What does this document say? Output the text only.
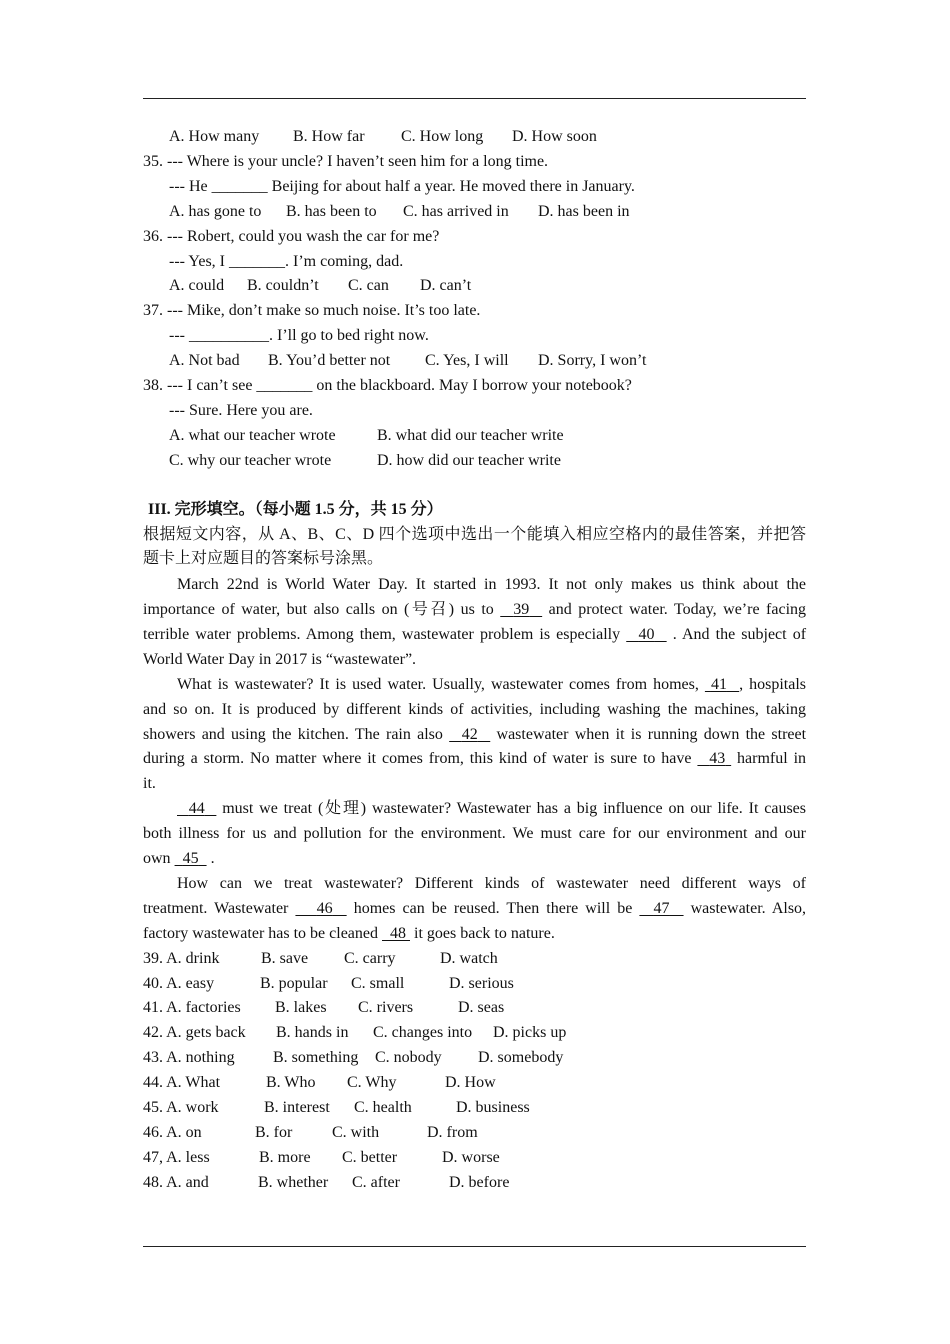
A. How many B. How far C. How long D. How soon
35. --- Where is your uncle? I haven’t seen him for a long time.
--- He _______ Beijing for about half a year. He moved there in January.
A. has gone to B. has been to C. has arrived in D. has been in
36. --- Robert, could you wash the car for me?
--- Yes, I _______. I’m coming, dad.
A. could B. couldn’t C. can D. can’t
37. --- Mike, don’t make so much noise. It’s too late.
--- __________. I’ll go to bed right now.
A. Not bad B. You’d better not C. Yes, I will D. Sorry, I won’t
38. --- I can’t see _______ on the blackboard. May I borrow your notebook?
--- Sure. Here you are.
A. what our teacher wrote	B. what did our teacher write
C. why our teacher wrote	D. how did our teacher write
III. 完形填空。（每小题 1.5 分，共 15 分）
根据短文内容，从 A、B、C、D 四个选项中选出一个能填入相应空格内的最佳答案，并把答
题卡上对应题目的答案标号涂黑。
March 22nd is World Water Day. It started in 1993. It not only makes us think about the
importance of water, but also calls on (号召) us to 39 and protect water. Today, we’re facing
terrible water problems. Among them, wastewater problem is especially 40 . And the subject of
World Water Day in 2017 is “wastewater”.
What is wastewater? It is used water. Usually, wastewater comes from homes, 41 , hospitals
and so on. It is produced by different kinds of activities, including washing the machines, taking
showers and using the kitchen. The rain also 42 wastewater when it is running down the street
during a storm. No matter where it comes from, this kind of water is sure to have 43 harmful in
it.
44 must we treat (处理) wastewater? Wastewater has a big influence on our life. It causes
both illness for us and pollution for the environment. We must care for our environment and our
own 45 .
How can we treat wastewater? Different kinds of wastewater need different ways of
treatment. Wastewater 46 homes can be reused. Then there will be 47 wastewater. Also,
factory wastewater has to be cleaned 48 it goes back to nature.
39. A. drink	B. save C. carry	D. watch
40. A. easy	B. popular C. small	D. serious
41. A. factories B. lakes C. rivers	D. seas
42. A. gets back B. hands in C. changes into D. picks up
43. A. nothing B. something C. nobody D. somebody
44. A. What	B. Who C. Why	D. How
45. A. work	B. interest C. health	D. business
46. A. on	B. for C. with	D. from
47, A. less	B. more C. better	D. worse
48. A. and	B. whether C. after	D. before
